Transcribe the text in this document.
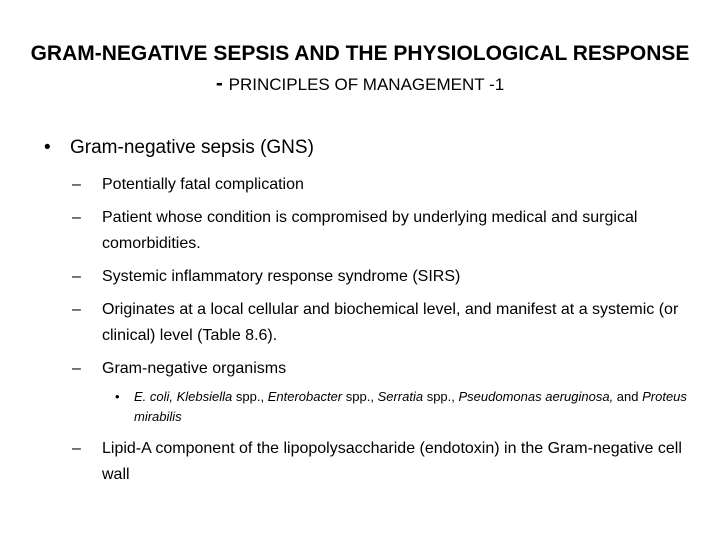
GRAM-NEGATIVE SEPSIS AND THE PHYSIOLOGICAL RESPONSE - PRINCIPLES OF MANAGEMENT -1
• Gram-negative sepsis (GNS)
– Potentially fatal complication
– Patient whose condition is compromised by underlying medical and surgical comorbidities.
– Systemic inflammatory response syndrome (SIRS)
– Originates at a local cellular and biochemical level, and manifest at a systemic (or clinical) level (Table 8.6).
– Gram-negative organisms
• E. coli, Klebsiella spp., Enterobacter spp., Serratia spp., Pseudomonas aeruginosa, and Proteus mirabilis
– Lipid-A component of the lipopolysaccharide (endotoxin) in the Gram-negative cell wall
